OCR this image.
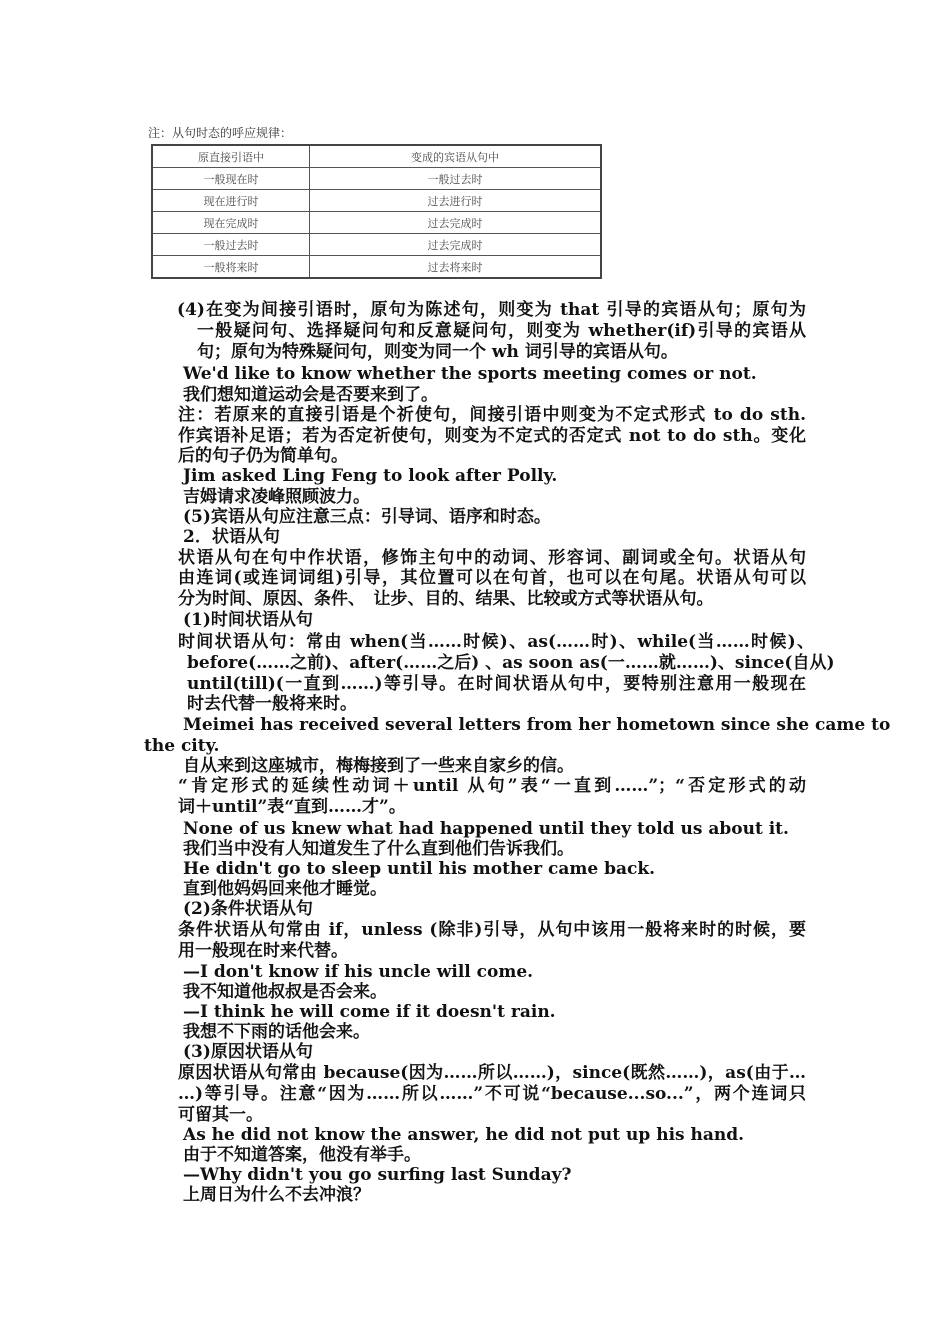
注：从句时态的呼应规律：
原直接引语中	变成的宾语从句中
一般现在时	一般过去时
现在进行时	过去进行时
现在完成时	过去完成时
一般过去时	过去完成时
一般将来时	过去将来时
(4)在变为间接引语时，原句为陈述句，则变为 that 引导的宾语从句；原句为
一般疑问句、选择疑问句和反意疑问句，则变为 whether(if)引导的宾语从
句；原句为特殊疑问句，则变为同一个 wh 词引导的宾语从句。
We'd like to know whether the sports meeting comes or not.
我们想知道运动会是否要来到了。
注：若原来的直接引语是个祈使句，间接引语中则变为不定式形式 to do sth.
作宾语补足语；若为否定祈使句，则变为不定式的否定式 not to do sth。变化
后的句子仍为简单句。
Jim asked Ling Feng to look after Polly.
吉姆请求凌峰照顾波力。
(5)宾语从句应注意三点：引导词、语序和时态。
2．状语从句
状语从句在句中作状语，修饰主句中的动词、形容词、副词或全句。状语从句
由连词(或连词词组)引导，其位置可以在句首，也可以在句尾。状语从句可以
分为时间、原因、条件、　让步、目的、结果、比较或方式等状语从句。
(1)时间状语从句
时间状语从句：常由 when(当……时候)、as(……时)、while(当……时候)、
before(……之前)、after(……之后) 、as soon as(一……就……)、since(自从)
until(till)(一直到……)等引导。在时间状语从句中，要特别注意用一般现在
时去代替一般将来时。
Meimei has received several letters from her hometown since she came to
the city.
自从来到这座城市，梅梅接到了一些来自家乡的信。
“肯定形式的延续性动词＋until 从句”表“一直到……”；“否定形式的动
词＋until”表“直到……才”。
None of us knew what had happened until they told us about it.
我们当中没有人知道发生了什么直到他们告诉我们。
He didn't go to sleep until his mother came back.
直到他妈妈回来他才睡觉。
(2)条件状语从句
条件状语从句常由 if，unless (除非)引导，从句中该用一般将来时的时候，要
用一般现在时来代替。
—I don't know if his uncle will come.
我不知道他叔叔是否会来。
—I think he will come if it doesn't rain.
我想不下雨的话他会来。
(3)原因状语从句
原因状语从句常由 because(因为……所以……)，since(既然……)，as(由于…
…)等引导。注意“因为……所以……”不可说“because...so...”，两个连词只
可留其一。
As he did not know the answer, he did not put up his hand.
由于不知道答案，他没有举手。
—Why didn't you go surfing last Sunday?
上周日为什么不去冲浪？
